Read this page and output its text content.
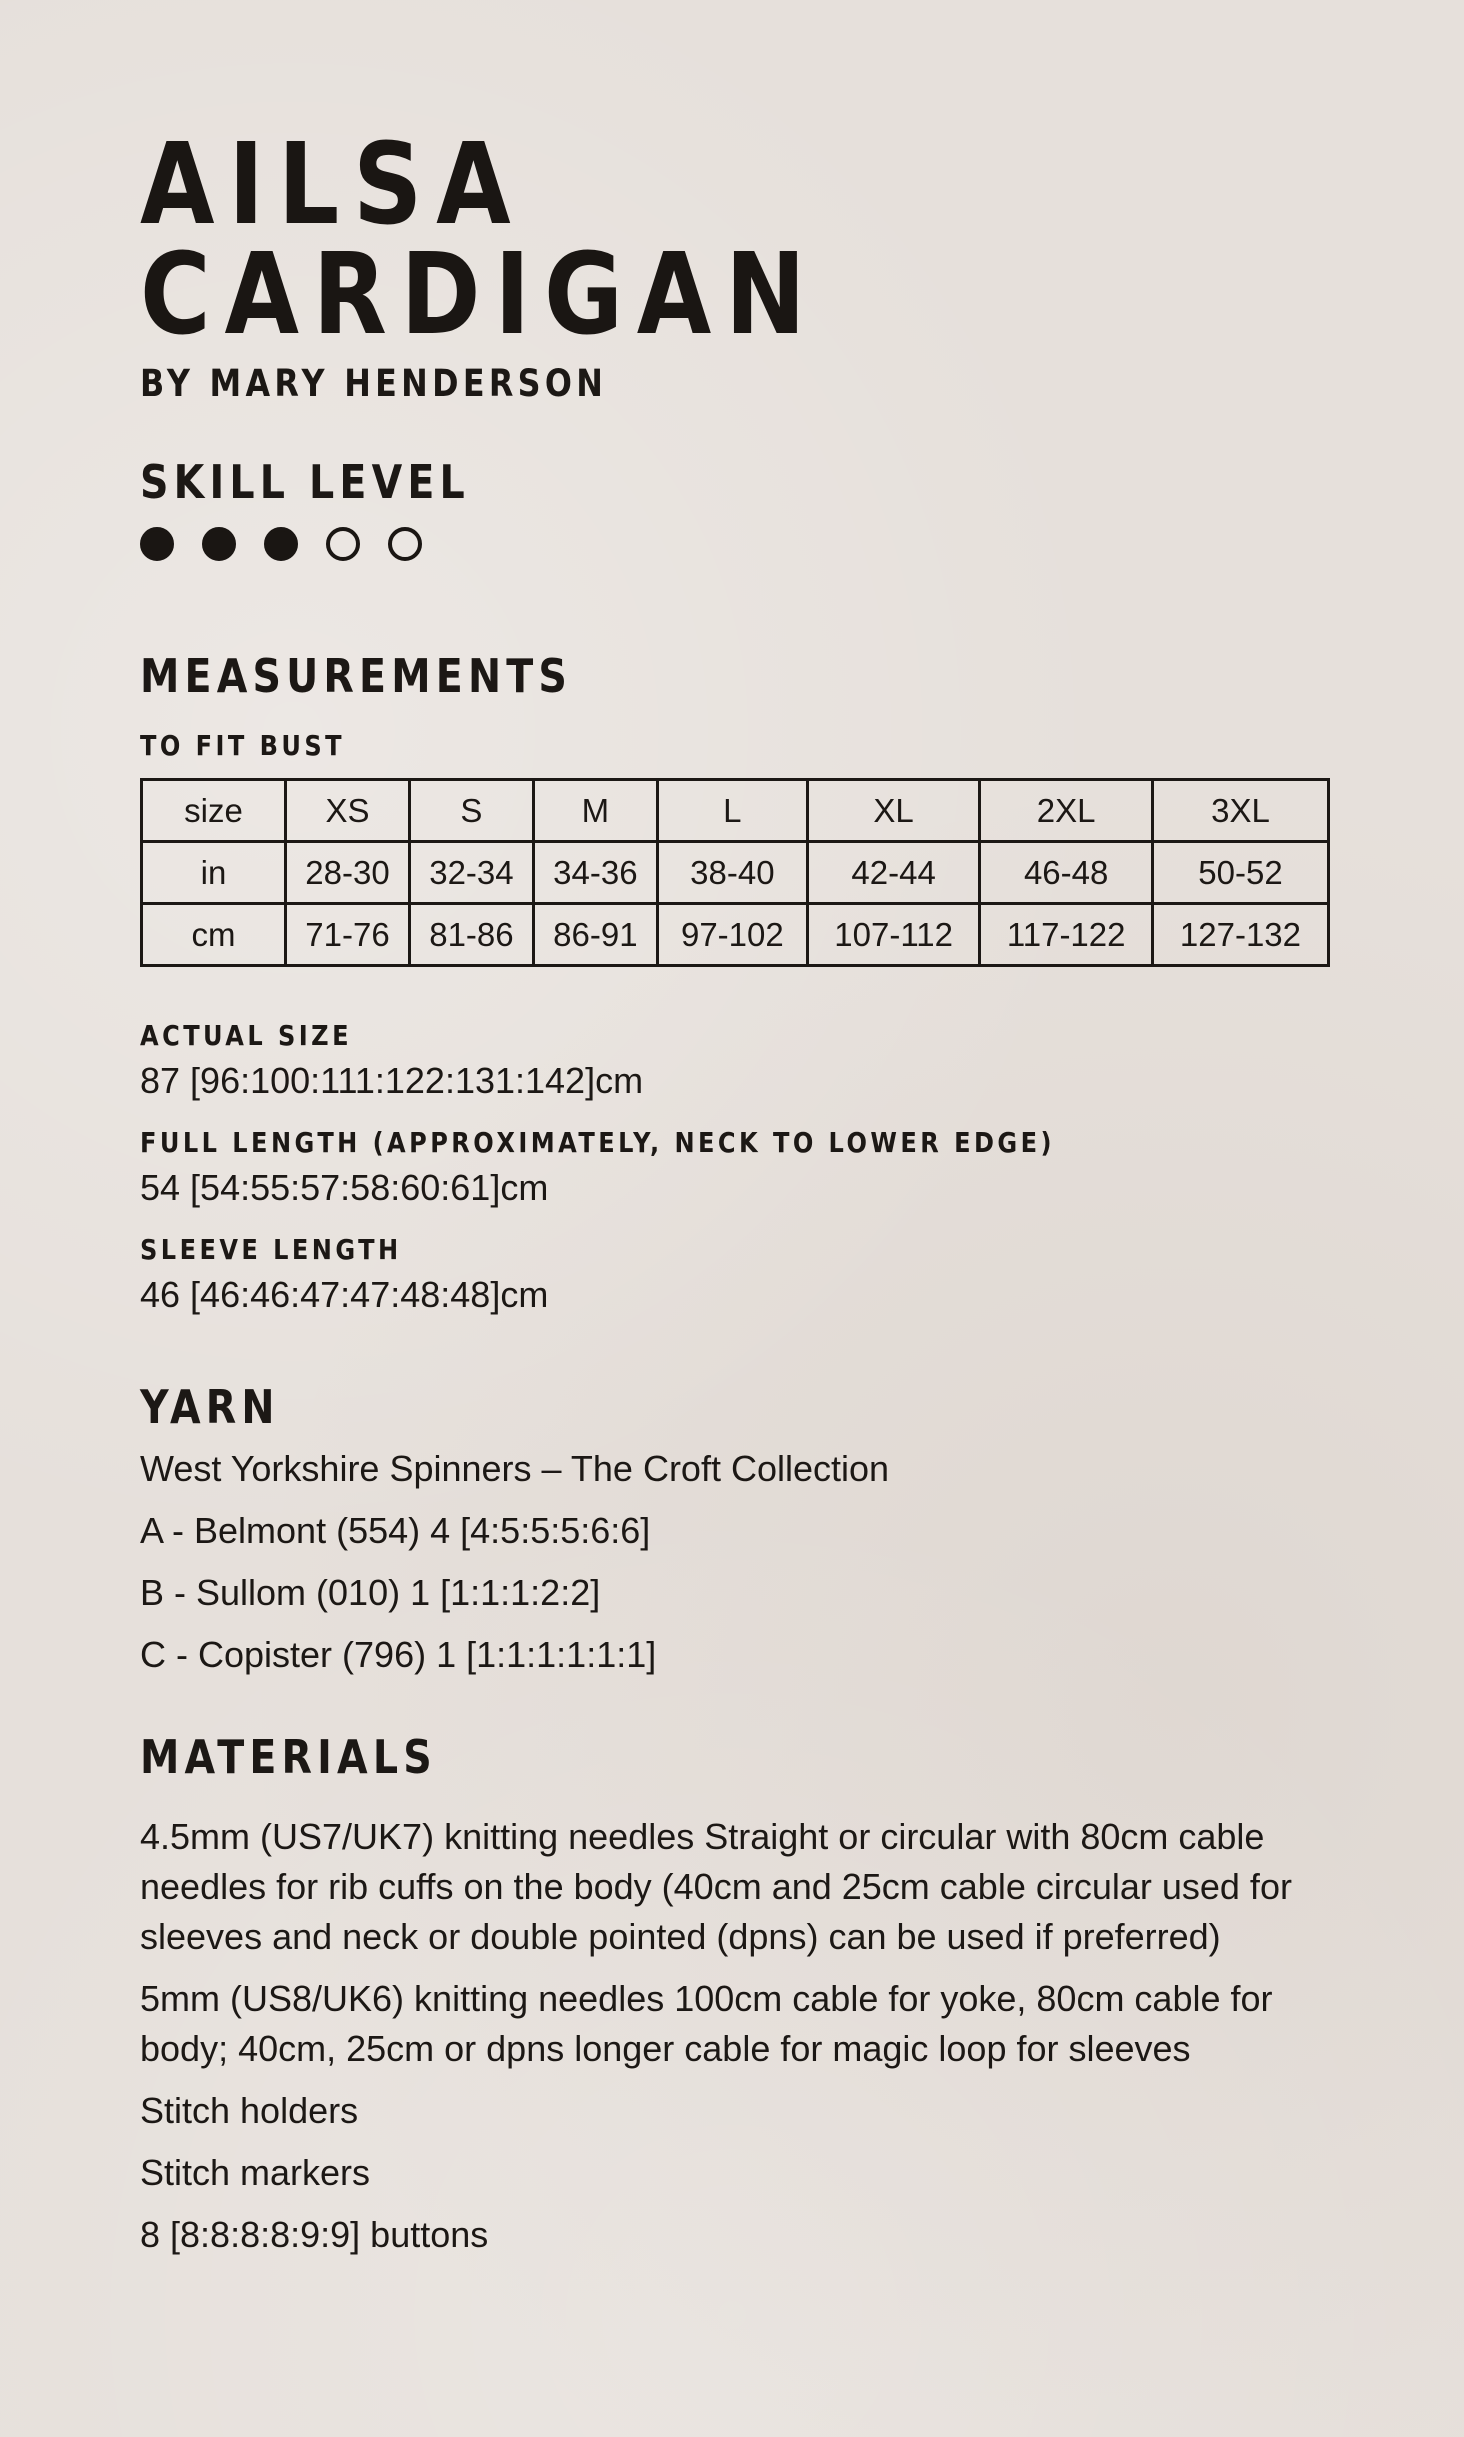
AILSA
CARDIGAN
BY MARY HENDERSON
SKILL LEVEL
MEASUREMENTS
TO FIT BUST
size	XS	S	M	L	XL	2XL	3XL
in	28-30	32-34	34-36	38-40	42-44	46-48	50-52
cm	71-76	81-86	86-91	97-102	107-112	117-122	127-132
ACTUAL SIZE
87 [96:100:111:122:131:142]cm
FULL LENGTH (APPROXIMATELY, NECK TO LOWER EDGE)
54 [54:55:57:58:60:61]cm
SLEEVE LENGTH
46 [46:46:47:47:48:48]cm
YARN
West Yorkshire Spinners – The Croft Collection
A - Belmont (554) 4 [4:5:5:5:6:6]
B - Sullom (010) 1 [1:1:1:2:2]
C - Copister (796) 1 [1:1:1:1:1:1]
MATERIALS
4.5mm (US7/UK7) knitting needles Straight or circular with 80cm cable needles for rib cuffs on the body (40cm and 25cm cable circular used for sleeves and neck or double pointed (dpns) can be used if preferred)
5mm (US8/UK6) knitting needles 100cm cable for yoke, 80cm cable for body; 40cm, 25cm or dpns longer cable for magic loop for sleeves
Stitch holders
Stitch markers
8 [8:8:8:8:9:9] buttons
